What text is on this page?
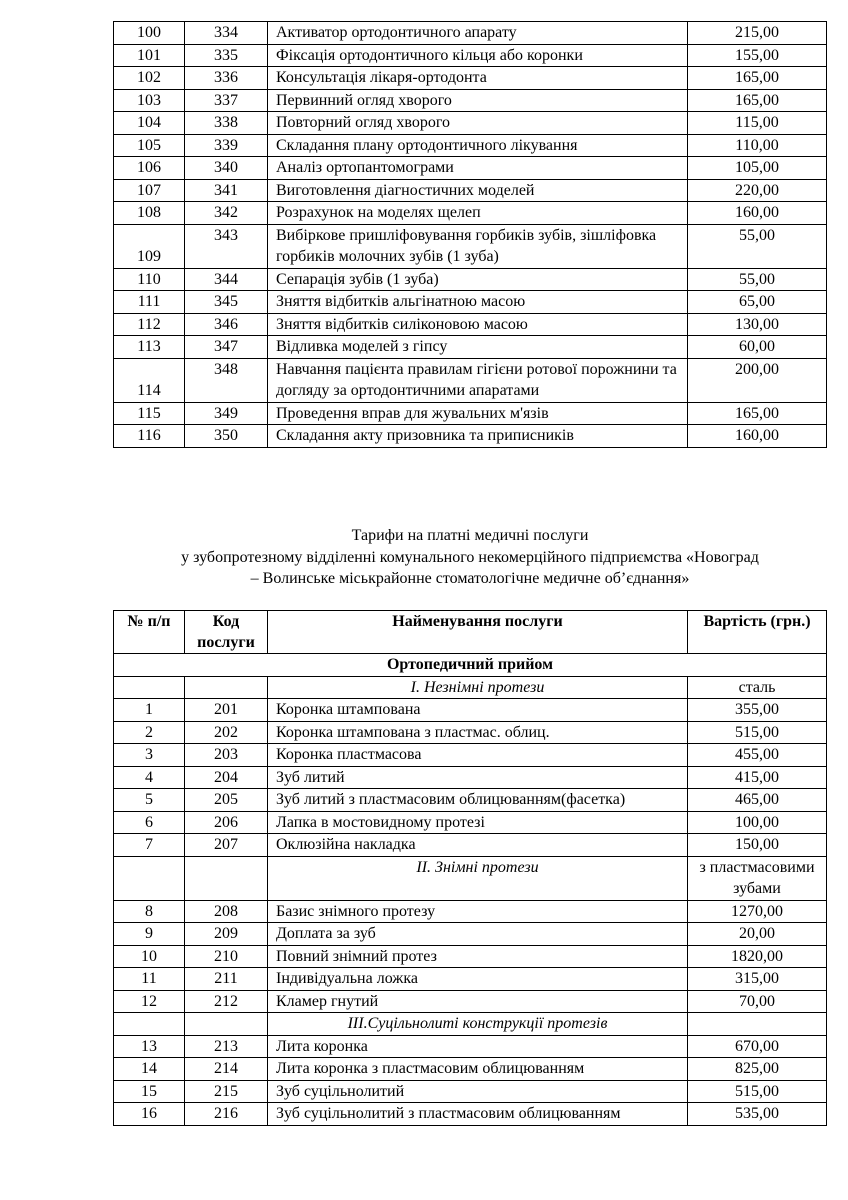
100	334	Активатор ортодонтичного апарату	215,00
101	335	Фіксація ортодонтичного кільця або коронки	155,00
102	336	Консультація лікаря-ортодонта	165,00
103	337	Первинний огляд хворого	165,00
104	338	Повторний огляд хворого	115,00
105	339	Складання плану ортодонтичного лікування	110,00
106	340	Аналіз ортопантомограми	105,00
107	341	Виготовлення діагностичних моделей	220,00
108	342	Розрахунок на моделях щелеп	160,00
109	343	Вибіркове пришліфовування горбиків зубів, зішліфовка горбиків молочних зубів (1 зуба)	55,00
110	344	Сепарація зубів (1 зуба)	55,00
111	345	Зняття відбитків альгінатною масою	65,00
112	346	Зняття відбитків силіконовою масою	130,00
113	347	Відливка моделей з гіпсу	60,00
114	348	Навчання пацієнта правилам гігієни ротової порожнини та догляду за ортодонтичними апаратами	200,00
115	349	Проведення вправ для жувальних м'язів	165,00
116	350	Складання акту призовника та приписників	160,00
Тарифи на платні медичні послуги
у зубопротезному відділенні комунального некомерційного підприємства «Новоград
– Волинське міськрайонне стоматологічне медичне об’єднання»
№ п/п	Код послуги	Найменування послуги	Вартість (грн.)
Ортопедичний прийом			
		I. Незнімні протези	сталь
1	201	Коронка штампована	355,00
2	202	Коронка штампована з пластмас. облиц.	515,00
3	203	Коронка пластмасова	455,00
4	204	Зуб литий	415,00
5	205	Зуб литий з пластмасовим облицюванням(фасетка)	465,00
6	206	Лапка в мостовидному протезі	100,00
7	207	Оклюзійна накладка	150,00
		II. Знімні протези	з пластмасовими зубами
8	208	Базис знімного протезу	1270,00
9	209	Доплата за зуб	20,00
10	210	Повний знімний протез	1820,00
11	211	Індивідуальна ложка	315,00
12	212	Кламер гнутий	70,00
		III.Суцільнолиті конструкції протезів	
13	213	Лита коронка	670,00
14	214	Лита коронка з пластмасовим облицюванням	825,00
15	215	Зуб суцільнолитий	515,00
16	216	Зуб суцільнолитий з пластмасовим облицюванням	535,00
